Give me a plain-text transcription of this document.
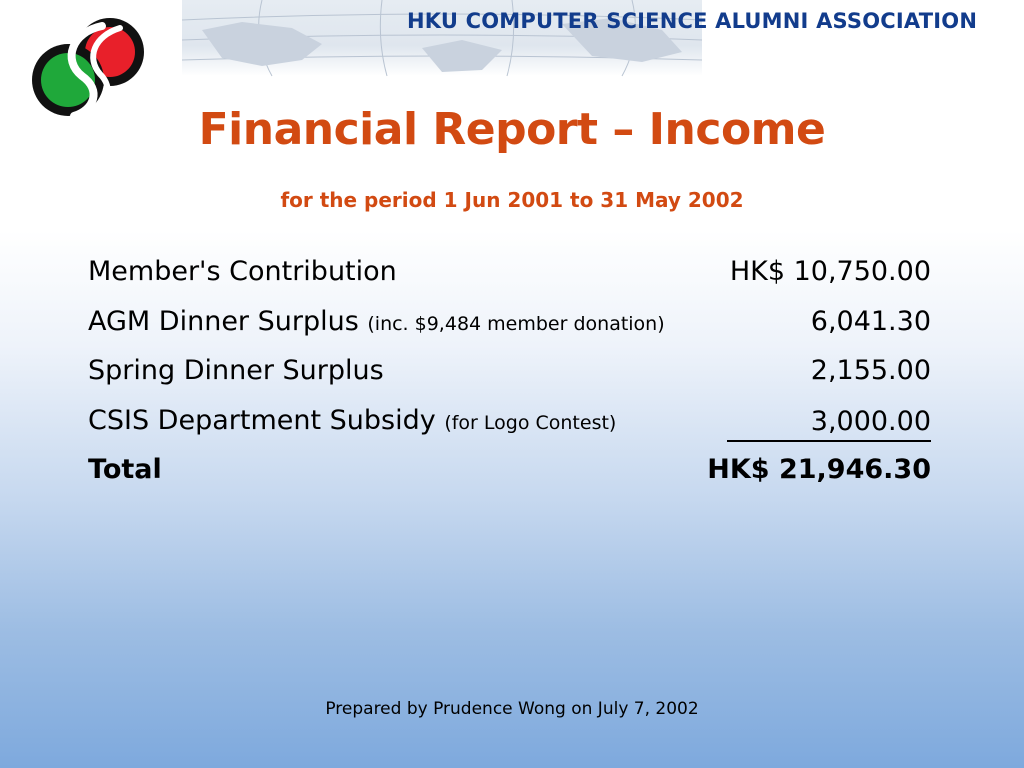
HKU COMPUTER SCIENCE ALUMNI ASSOCIATION
Financial Report – Income
for the period 1 Jun 2001 to 31 May 2002
Member's Contribution	HK$ 10,750.00
AGM Dinner Surplus (inc. $9,484 member donation)	6,041.30
Spring Dinner Surplus	2,155.00
CSIS Department Subsidy (for Logo Contest)	3,000.00
Total	HK$ 21,946.30
Prepared by Prudence Wong on July 7, 2002
